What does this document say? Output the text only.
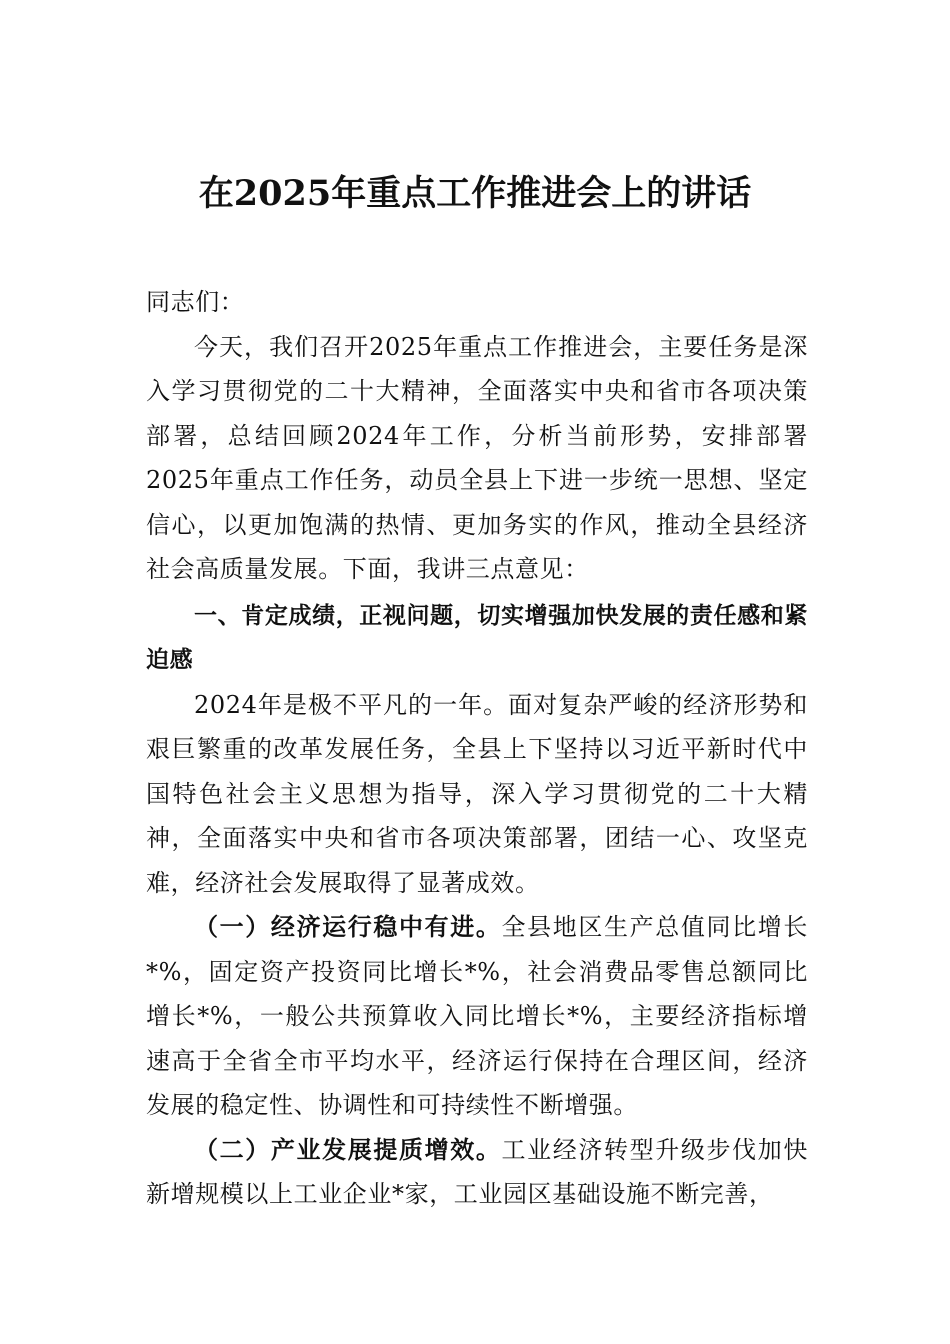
在2025年重点工作推进会上的讲话

同志们：

今天，我们召开2025年重点工作推进会，主要任务是深入学习贯彻党的二十大精神，全面落实中央和省市各项决策部署，总结回顾2024年工作，分析当前形势，安排部署2025年重点工作任务，动员全县上下进一步统一思想、坚定信心，以更加饱满的热情、更加务实的作风，推动全县经济社会高质量发展。下面，我讲三点意见：

一、肯定成绩，正视问题，切实增强加快发展的责任感和紧迫感

2024年是极不平凡的一年。面对复杂严峻的经济形势和艰巨繁重的改革发展任务，全县上下坚持以习近平新时代中国特色社会主义思想为指导，深入学习贯彻党的二十大精神，全面落实中央和省市各项决策部署，团结一心、攻坚克难，经济社会发展取得了显著成效。

（一）经济运行稳中有进。全县地区生产总值同比增长*%，固定资产投资同比增长*%，社会消费品零售总额同比增长*%，一般公共预算收入同比增长*%，主要经济指标增速高于全省全市平均水平，经济运行保持在合理区间，经济发展的稳定性、协调性和可持续性不断增强。

（二）产业发展提质增效。工业经济转型升级步伐加快新增规模以上工业企业*家，工业园区基础设施不断完善，
